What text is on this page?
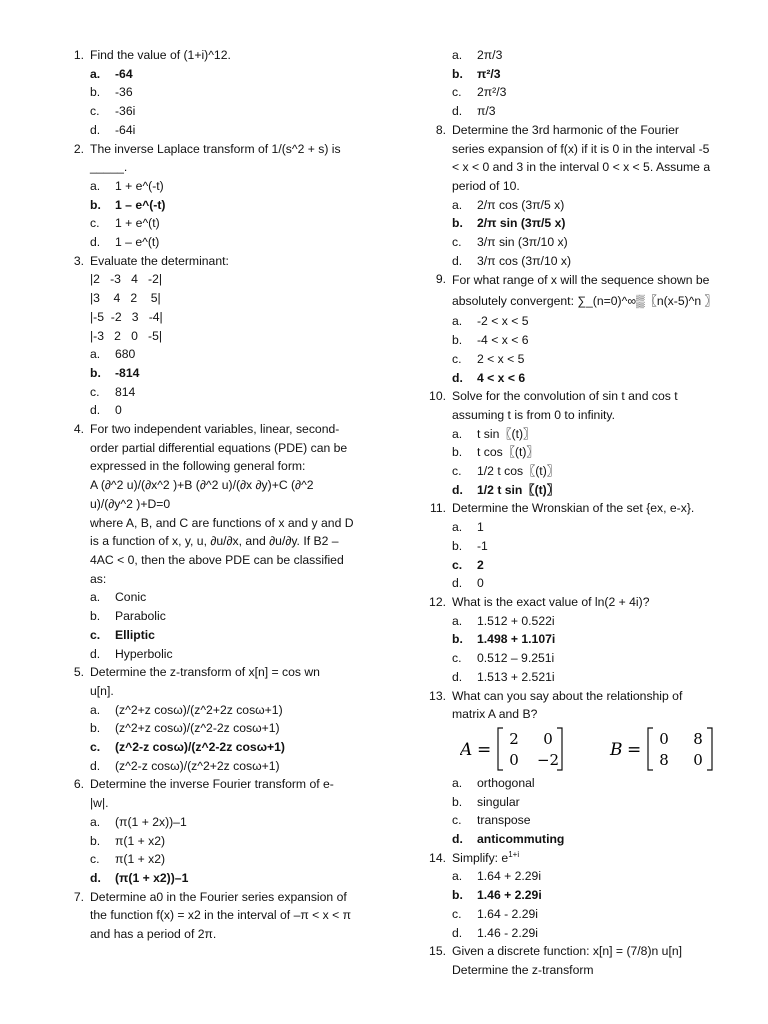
1. Find the value of (1+i)^12.
a. -64
b. -36
c. -36i
d. -64i
2. The inverse Laplace transform of 1/(s^2 + s) is
_____.
a. 1 + e^(-t)
b. 1 – e^(-t)
c. 1 + e^(t)
d. 1 – e^(t)
3. Evaluate the determinant:
|2   -3   4   -2|
|3    4   2    5|
|-5  -2   3   -4|
|-3   2   0   -5|
a. 680
b. -814
c. 814
d. 0
4. For two independent variables, linear, second-
order partial differential equations (PDE) can be
expressed in the following general form:
A (∂^2 u)/(∂x^2 )+B (∂^2 u)/(∂x ∂y)+C (∂^2
u)/(∂y^2 )+D=0
where A, B, and C are functions of x and y and D
is a function of x, y, u, ∂u/∂x, and ∂u/∂y. If B2 –
4AC < 0, then the above PDE can be classified
as:
a. Conic
b. Parabolic
c. Elliptic
d. Hyperbolic
5. Determine the z-transform of x[n] = cos wn
u[n].
a. (z^2+z cos⁡ω)/(z^2+2z cos⁡ω+1)
b. (z^2+z cos⁡ω)/(z^2-2z cos⁡ω+1)
c. (z^2-z cos⁡ω)/(z^2-2z cos⁡ω+1)
d. (z^2-z cos⁡ω)/(z^2+2z cos⁡ω+1)
6. Determine the inverse Fourier transform of e-
|w|.
a. (π(1 + 2x))–1
b. π(1 + x2)
c. π(1 + x2)
d. (π(1 + x2))–1
7. Determine a0 in the Fourier series expansion of
the function f(x) = x2 in the interval of –π < x < π
and has a period of 2π.
a. 2π/3
b. π²/3
c. 2π²/3
d. π/3
8. Determine the 3rd harmonic of the Fourier
series expansion of f(x) if it is 0 in the interval -5
< x < 0 and 3 in the interval 0 < x < 5. Assume a
period of 10.
a. 2/π cos (3π/5 x)
b. 2/π sin (3π/5 x)
c. 3/π sin (3π/10 x)
d. 3/π cos (3π/10 x)
9. For what range of x will the sequence shown be
absolutely convergent: ∑_(n=0)^∞▒〖n(x-5)^n 〗
a. -2 < x < 5
b. -4 < x < 6
c. 2 < x < 5
d. 4 < x < 6
10. Solve for the convolution of sin t and cos t
assuming t is from 0 to infinity.
a. t sin⁡〖(t)〗
b. t cos⁡〖(t)〗
c. 1/2 t cos⁡〖(t)〗
d. 1/2 t sin⁡〖(t)〗
11. Determine the Wronskian of the set {ex, e-x}.
a. 1
b. -1
c. 2
d. 0
12. What is the exact value of ln(2 + 4i)?
a. 1.512 + 0.522i
b. 1.498 + 1.107i
c. 0.512 – 9.251i
d. 1.513 + 2.521i
13. What can you say about the relationship of
matrix A and B?
A =
2 0
0 −2	B =
0 8
8 0
a. orthogonal
b. singular
c. transpose
d. anticommuting
14. Simplify: $e^{1+i}$
a. 1.64 + 2.29i
b. 1.46 + 2.29i
c. 1.64 - 2.29i
d. 1.46 - 2.29i
15. Given a discrete function: x[n] = (7/8)n u[n]
Determine the z-transform
